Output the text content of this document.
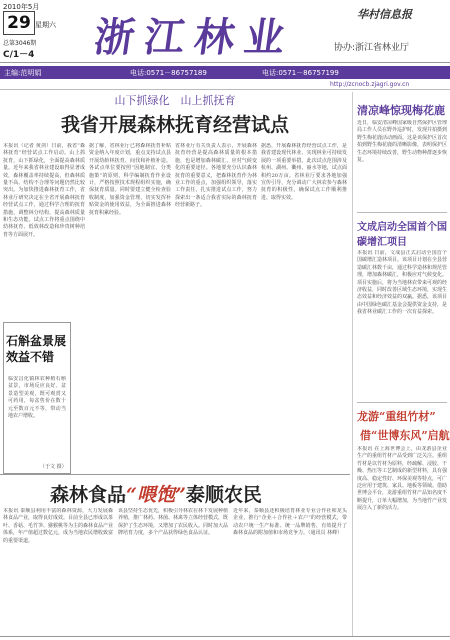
2010年5月
29 星期六
总第3046期
C/1－4 浙江林业	华村信息报
协办:浙江省林业厅
主编:范明娟	电话:0571－86757189	电话:0571－86757199
http://zcnocb.zjagri.gov.cn
山下抓绿化　山上抓抚育
我省开展森林抚育经营试点
本报讯（记者 黄剑）日前，我省“森林抚育”经营试点工作启动。山上抓抚育，山下抓绿化，全面提高森林质量。近年来我省林业建设取得显著成效，森林覆盖率持续提高，但森林质量不高、结构不合理等问题仍然比较突出。为加快推进森林抚育工作，省林业厅研究决定在全省开展森林抚育经营试点工作，通过科学合理的抚育措施，调整林分结构，提高森林质量和生态功能。试点工作将重点围绕中幼林抚育、低效林改造和珍贵树种培育等方面展开。
据了解，省林业厅已将森林抚育补贴资金纳入年度计划，重点支持试点县开展幼龄林抚育、间伐和补植补造。各试点单位要按照“因地制宜、分类施策”的原则，科学编制抚育作业设计，严格按照技术规程组织实施，确保抚育质量。同时要建立健全检查验收制度，加强资金管理，切实发挥补贴资金的使用效益，为全面推进森林抚育积累经验。
省林业厅有关负责人表示，开展森林抚育经营是提高森林质量的根本措施，也是增加森林碳汇、应对气候变化的重要途径。各地要充分认识森林抚育的重要意义，把森林抚育作为林业工作的重点，加强组织领导，落实工作责任，扎实推进试点工作，努力探索出一条适合我省实际的森林抚育经营新路子。
据悉，开展森林抚育经营试点工作，是我省建设现代林业、实现林业可持续发展的一项重要举措。此次试点范围涉及杭州、湖州、衢州、丽水等地，试点面积约20万亩。省林业厅要求各地加强宣传引导，充分调动广大林农参与森林抚育的积极性，确保试点工作顺利推进、取得实效。
石斛盆景展效益不错
临安昌化镇林农种植石斛盆景，市场反应良好。盆景造型美观，既可观赏又可药用，每盆售价在数十元至数百元不等，带动当地农户增收。
（于文 摄）
森林食品“喂饱”泰顺农民
本报讯 泰顺县利用丰富的森林资源，大力发展森林食品产业，取得良好成效。目前全县已形成以茶叶、香菇、毛竹笋、猕猴桃等为主的森林食品产业体系，年产值超过数亿元，成为当地农民增收致富的重要渠道。
该县坚持生态优先，积极引导林农在林下发展种植养殖，推广林药、林菌、林禽等立体经营模式，既保护了生态环境，又增加了农民收入。同时加大品牌培育力度，多个产品获得绿色食品认证。
近年来，泰顺县还积极培育林业专业合作社和龙头企业，推行“企业＋合作社＋农户”的经营模式，带动农户统一生产标准、统一品牌销售，有效提升了森林食品的附加值和市场竞争力。（通讯员 林峰）
清凉峰惊现梅花鹿
近日，临安清凉峰国家级自然保护区管理局工作人员在野外巡护时，发现并拍摄到野生梅花鹿活动画面。这是该保护区首次拍到野生梅花鹿的清晰影像，表明保护区生态环境持续改善，野生动物种群逐步恢复。
文成启动全国首个国碳增汇项目
本报讯 日前，文成县正式启动全国首个国碳增汇造林项目。该项目计划在全县营造碳汇林数千亩，通过科学造林和规范管理，增加森林碳汇，积极应对气候变化。项目实施后，将为当地林农带来可观的经济收益，同时改善区域生态环境，实现生态效益和经济效益的双赢。据悉，该项目由中国绿色碳汇基金会提供资金支持，是我省林业碳汇工作的一次有益探索。
龙游“重组竹材”
借“世博东风”启航
本报讯 在上海世博会上，由龙游县企业生产的重组竹材产品受到广泛关注。重组竹材是以竹材为原料，经疏解、浸胶、干燥、热压等工艺制成的新型材料，具有强度高、稳定性好、环保美观等特点，可广泛应用于建筑、家具、地板等领域。借助世博会平台，龙游重组竹材产品知名度不断提升，订单大幅增加，为当地竹产业发展注入了新的活力。
